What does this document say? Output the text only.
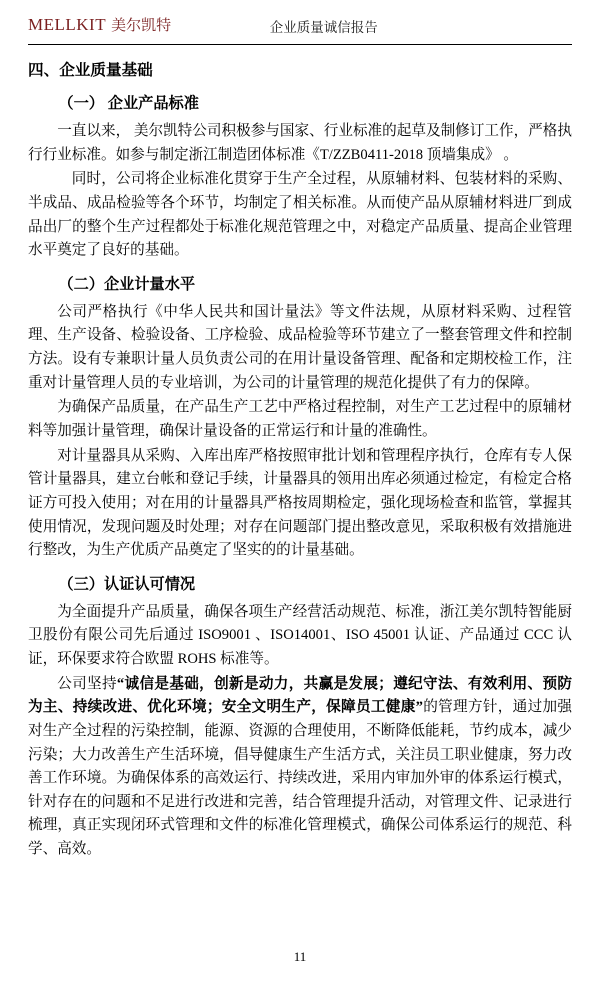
MELLKIT 美尔凯特	企业质量诚信报告
四、企业质量基础
（一） 企业产品标准

一直以来， 美尔凯特公司积极参与国家、行业标准的起草及制修订工作，严格执行行业标准。如参与制定浙江制造团体标准《T/ZZB0411-2018 顶墙集成》 。

同时，公司将企业标准化贯穿于生产全过程，从原辅材料、包装材料的采购、半成品、成品检验等各个环节，均制定了相关标准。从而使产品从原辅材料进厂到成品出厂的整个生产过程都处于标准化规范管理之中，对稳定产品质量、提高企业管理水平奠定了良好的基础。

（二）企业计量水平

公司严格执行《中华人民共和国计量法》等文件法规，从原材料采购、过程管理、生产设备、检验设备、工序检验、成品检验等环节建立了一整套管理文件和控制方法。设有专兼职计量人员负责公司的在用计量设备管理、配备和定期校检工作，注重对计量管理人员的专业培训，为公司的计量管理的规范化提供了有力的保障。

为确保产品质量，在产品生产工艺中严格过程控制，对生产工艺过程中的原辅材料等加强计量管理，确保计量设备的正常运行和计量的准确性。

对计量器具从采购、入库出库严格按照审批计划和管理程序执行，仓库有专人保管计量器具，建立台帐和登记手续，计量器具的领用出库必须通过检定，有检定合格证方可投入使用；对在用的计量器具严格按周期检定，强化现场检查和监管，掌握其使用情况，发现问题及时处理；对存在问题部门提出整改意见，采取积极有效措施进行整改，为生产优质产品奠定了坚实的的计量基础。

（三）认证认可情况

为全面提升产品质量，确保各项生产经营活动规范、标准，浙江美尔凯特智能厨卫股份有限公司先后通过 ISO9001 、ISO14001、ISO 45001 认证、产品通过 CCC 认证，环保要求符合欧盟 ROHS 标准等。

公司坚持“诚信是基础，创新是动力，共赢是发展；遵纪守法、有效利用、预防为主、持续改进、优化环境；安全文明生产，保障员工健康”的管理方针，通过加强对生产全过程的污染控制，能源、资源的合理使用，不断降低能耗，节约成本，减少污染；大力改善生产生活环境，倡导健康生产生活方式，关注员工职业健康，努力改善工作环境。为确保体系的高效运行、持续改进，采用内审加外审的体系运行模式，针对存在的问题和不足进行改进和完善，结合管理提升活动，对管理文件、记录进行梳理，真正实现闭环式管理和文件的标准化管理模式，确保公司体系运行的规范、科学、高效。

11
